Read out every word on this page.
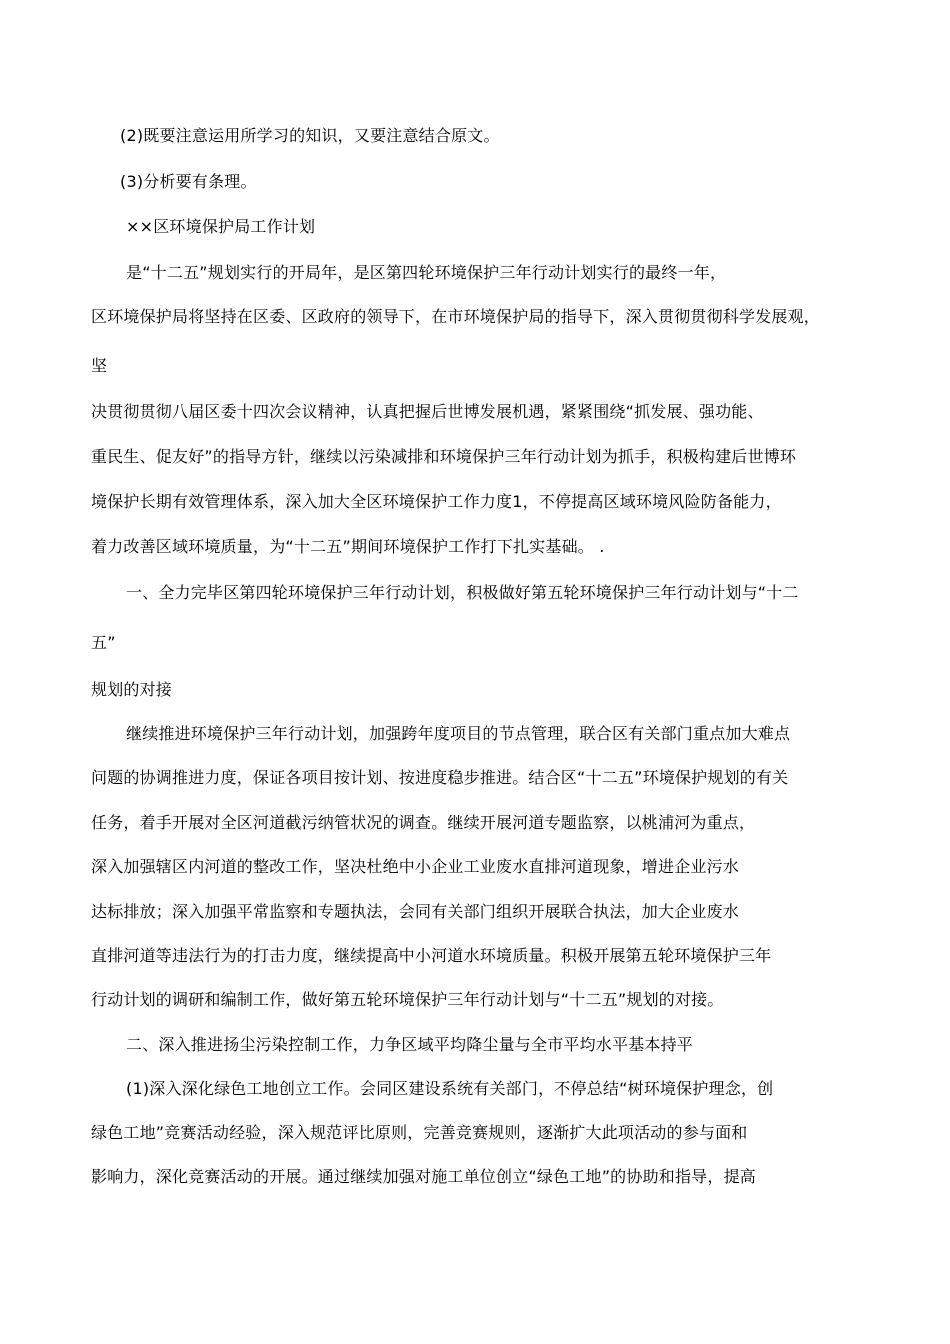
(2)既要注意运用所学习的知识，又要注意结合原文。
(3)分析要有条理。
××区环境保护局工作计划
是“十二五”规划实行的开局年，是区第四轮环境保护三年行动计划实行的最终一年，
区环境保护局将坚持在区委、区政府的领导下，在市环境保护局的指导下，深入贯彻贯彻科学发展观，
坚
决贯彻贯彻八届区委十四次会议精神，认真把握后世博发展机遇，紧紧围绕“抓发展、强功能、
重民生、促友好”的指导方针，继续以污染减排和环境保护三年行动计划为抓手，积极构建后世博环
境保护长期有效管理体系，深入加大全区环境保护工作力度1，不停提高区域环境风险防备能力，
着力改善区域环境质量，为“十二五”期间环境保护工作打下扎实基础。 .
一、全力完毕区第四轮环境保护三年行动计划，积极做好第五轮环境保护三年行动计划与“十二
五”
规划的对接
继续推进环境保护三年行动计划，加强跨年度项目的节点管理，联合区有关部门重点加大难点
问题的协调推进力度，保证各项目按计划、按进度稳步推进。结合区“十二五”环境保护规划的有关
任务，着手开展对全区河道截污纳管状况的调查。继续开展河道专题监察，以桃浦河为重点，
深入加强辖区内河道的整改工作，坚决杜绝中小企业工业废水直排河道现象，增进企业污水
达标排放；深入加强平常监察和专题执法，会同有关部门组织开展联合执法，加大企业废水
直排河道等违法行为的打击力度，继续提高中小河道水环境质量。积极开展第五轮环境保护三年
行动计划的调研和编制工作，做好第五轮环境保护三年行动计划与“十二五”规划的对接。
二、深入推进扬尘污染控制工作，力争区域平均降尘量与全市平均水平基本持平
(1)深入深化绿色工地创立工作。会同区建设系统有关部门，不停总结“树环境保护理念，创
绿色工地”竞赛活动经验，深入规范评比原则，完善竞赛规则，逐渐扩大此项活动的参与面和
影响力，深化竞赛活动的开展。通过继续加强对施工单位创立“绿色工地”的协助和指导，提高
